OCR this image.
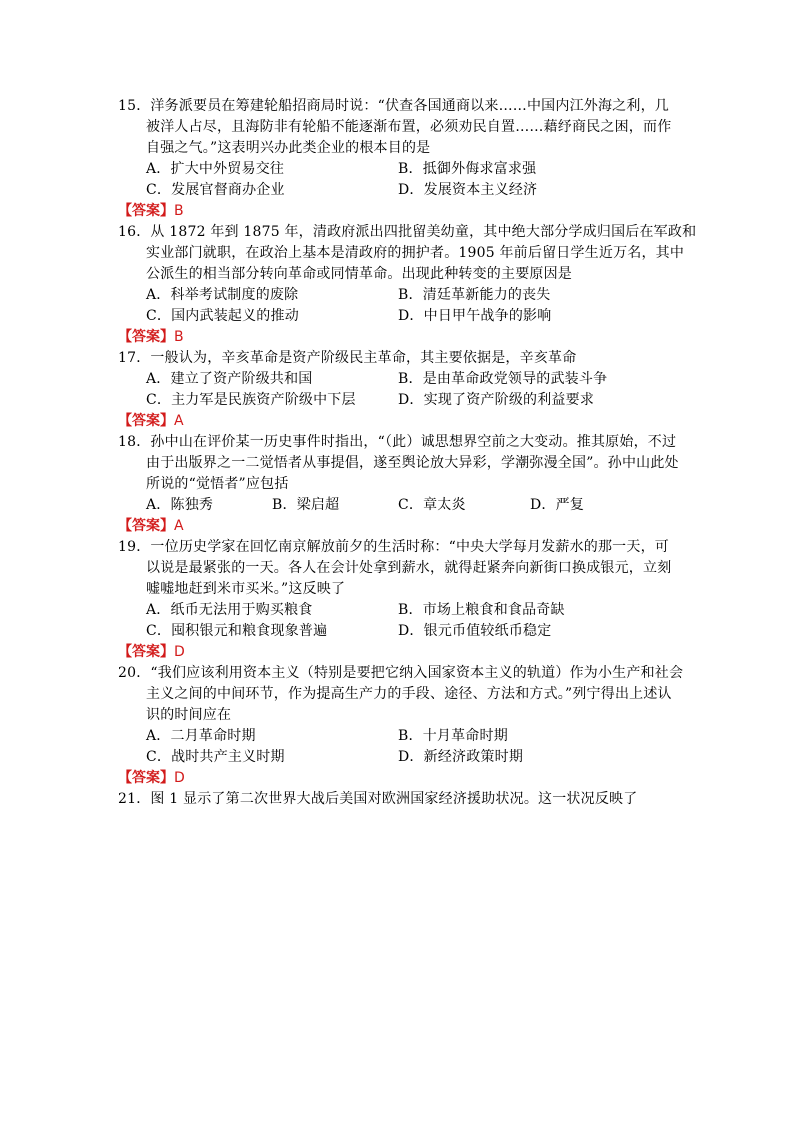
15．洋务派要员在筹建轮船招商局时说：“伏查各国通商以来……中国内江外海之利，几
被洋人占尽，且海防非有轮船不能逐渐布置，必须劝民自置……藉纾商民之困，而作
自强之气。”这表明兴办此类企业的根本目的是
A．扩大中外贸易交往	B．抵御外侮求富求强
C．发展官督商办企业	D．发展资本主义经济
【答案】B
16．从 1872 年到 1875 年，清政府派出四批留美幼童，其中绝大部分学成归国后在军政和
实业部门就职，在政治上基本是清政府的拥护者。1905 年前后留日学生近万名，其中
公派生的相当部分转向革命或同情革命。出现此种转变的主要原因是
A．科举考试制度的废除	B．清廷革新能力的丧失
C．国内武装起义的推动	D．中日甲午战争的影响
【答案】B
17．一般认为，辛亥革命是资产阶级民主革命，其主要依据是，辛亥革命
A．建立了资产阶级共和国	B．是由革命政党领导的武装斗争
C．主力军是民族资产阶级中下层	D．实现了资产阶级的利益要求
【答案】A
18．孙中山在评价某一历史事件时指出，“（此）诚思想界空前之大变动。推其原始，不过
由于出版界之一二觉悟者从事提倡，遂至舆论放大异彩，学潮弥漫全国”。孙中山此处
所说的“觉悟者”应包括
A．陈独秀	B．梁启超	C．章太炎	D．严复
【答案】A
19．一位历史学家在回忆南京解放前夕的生活时称：“中央大学每月发薪水的那一天，可
以说是最紧张的一天。各人在会计处拿到薪水，就得赶紧奔向新街口换成银元，立刻
嘘嘘地赶到米市买米。”这反映了
A．纸币无法用于购买粮食	B．市场上粮食和食品奇缺
C．囤积银元和粮食现象普遍	D．银元币值较纸币稳定
【答案】D
20．“我们应该利用资本主义（特别是要把它纳入国家资本主义的轨道）作为小生产和社会
主义之间的中间环节，作为提高生产力的手段、途径、方法和方式。”列宁得出上述认
识的时间应在
A．二月革命时期	B．十月革命时期
C．战时共产主义时期	D．新经济政策时期
【答案】D
21．图 1 显示了第二次世界大战后美国对欧洲国家经济援助状况。这一状况反映了
